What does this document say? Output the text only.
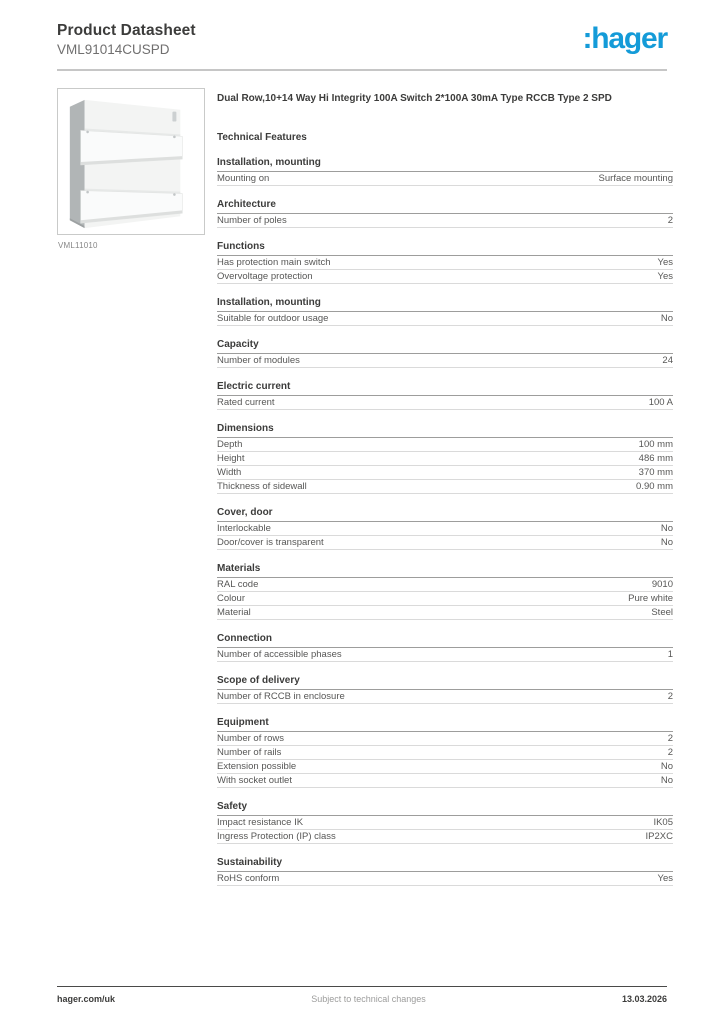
Product Datasheet
VML91014CUSPD	:hager
VML11010
Dual Row,10+14 Way Hi Integrity 100A Switch 2*100A 30mA Type RCCB Type 2 SPD
Technical Features
Installation, mounting
Mounting on	Surface mounting
Architecture
Number of poles	2
Functions
Has protection main switch	Yes
Overvoltage protection	Yes
Installation, mounting
Suitable for outdoor usage	No
Capacity
Number of modules	24
Electric current
Rated current	100 A
Dimensions
Depth	100 mm
Height	486 mm
Width	370 mm
Thickness of sidewall	0.90 mm
Cover, door
Interlockable	No
Door/cover is transparent	No
Materials
RAL code	9010
Colour	Pure white
Material	Steel
Connection
Number of accessible phases	1
Scope of delivery
Number of RCCB in enclosure	2
Equipment
Number of rows	2
Number of rails	2
Extension possible	No
With socket outlet	No
Safety
Impact resistance IK	IK05
Ingress Protection (IP) class	IP2XC
Sustainability
RoHS conform	Yes
hager.com/uk	Subject to technical changes	13.03.2026
